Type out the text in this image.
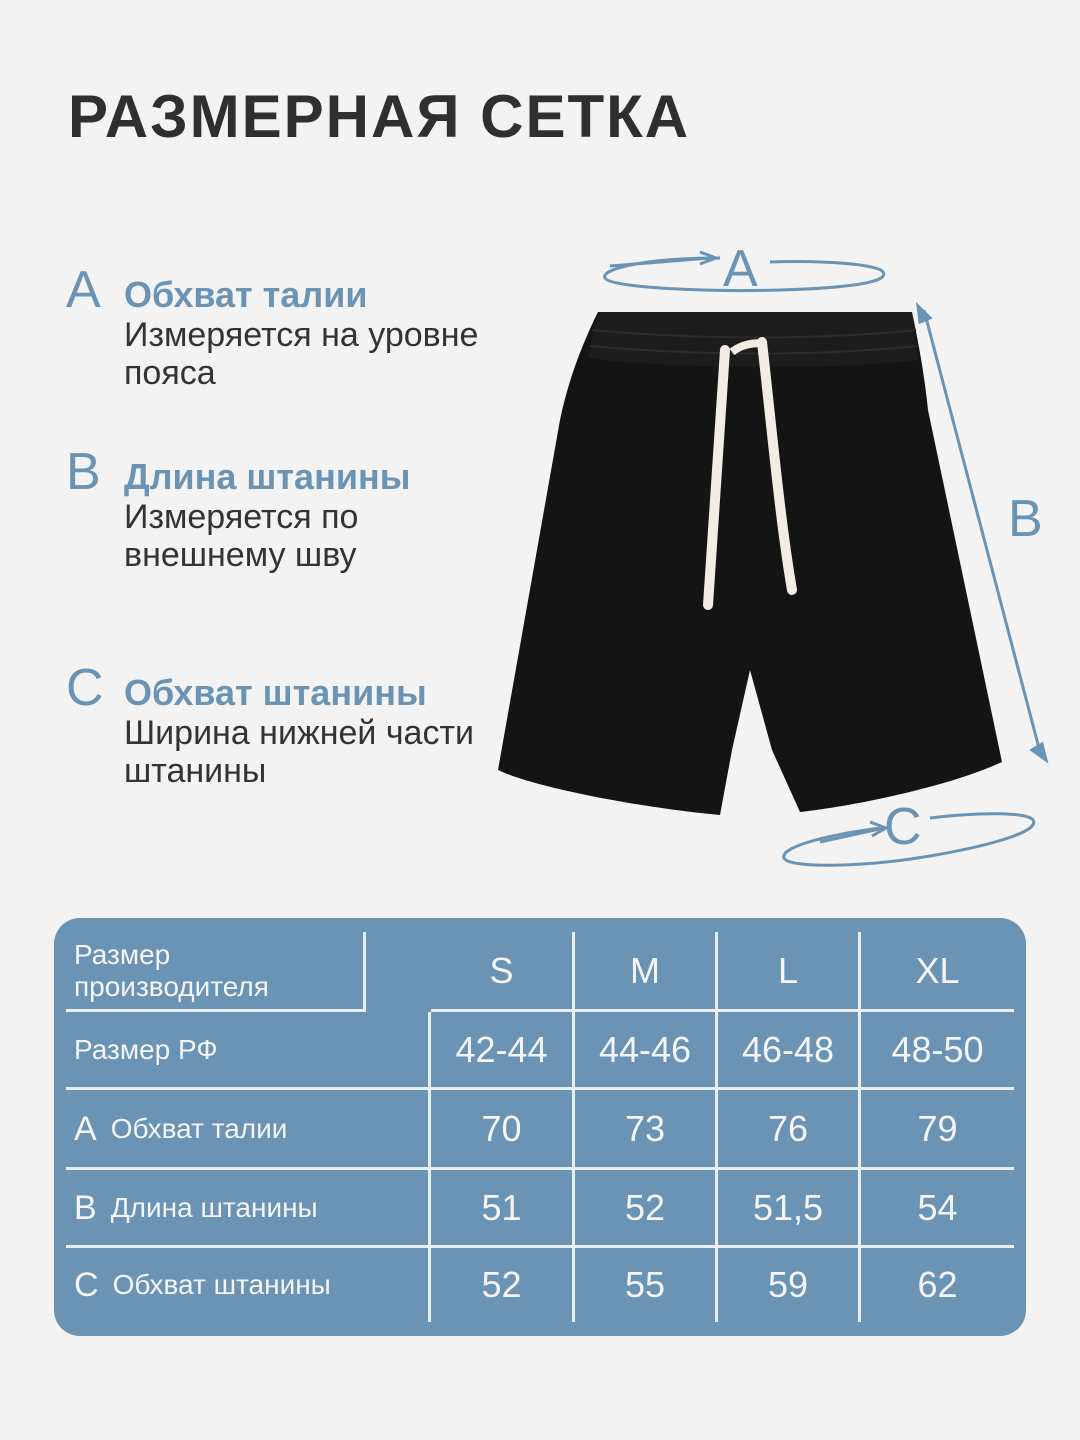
РАЗМЕРНАЯ СЕТКА
A Обхват талии
Измеряется на уровне пояса
B Длина штанины
Измеряется по внешнему шву
C Обхват штанины
Ширина нижней части штанины
A
B
C
Размер производителя	S	M	L	XL
Размер РФ	42-44	44-46	46-48	48-50
A Обхват талии	70	73	76	79
B Длина штанины	51	52	51,5	54
C Обхват штанины	52	55	59	62
